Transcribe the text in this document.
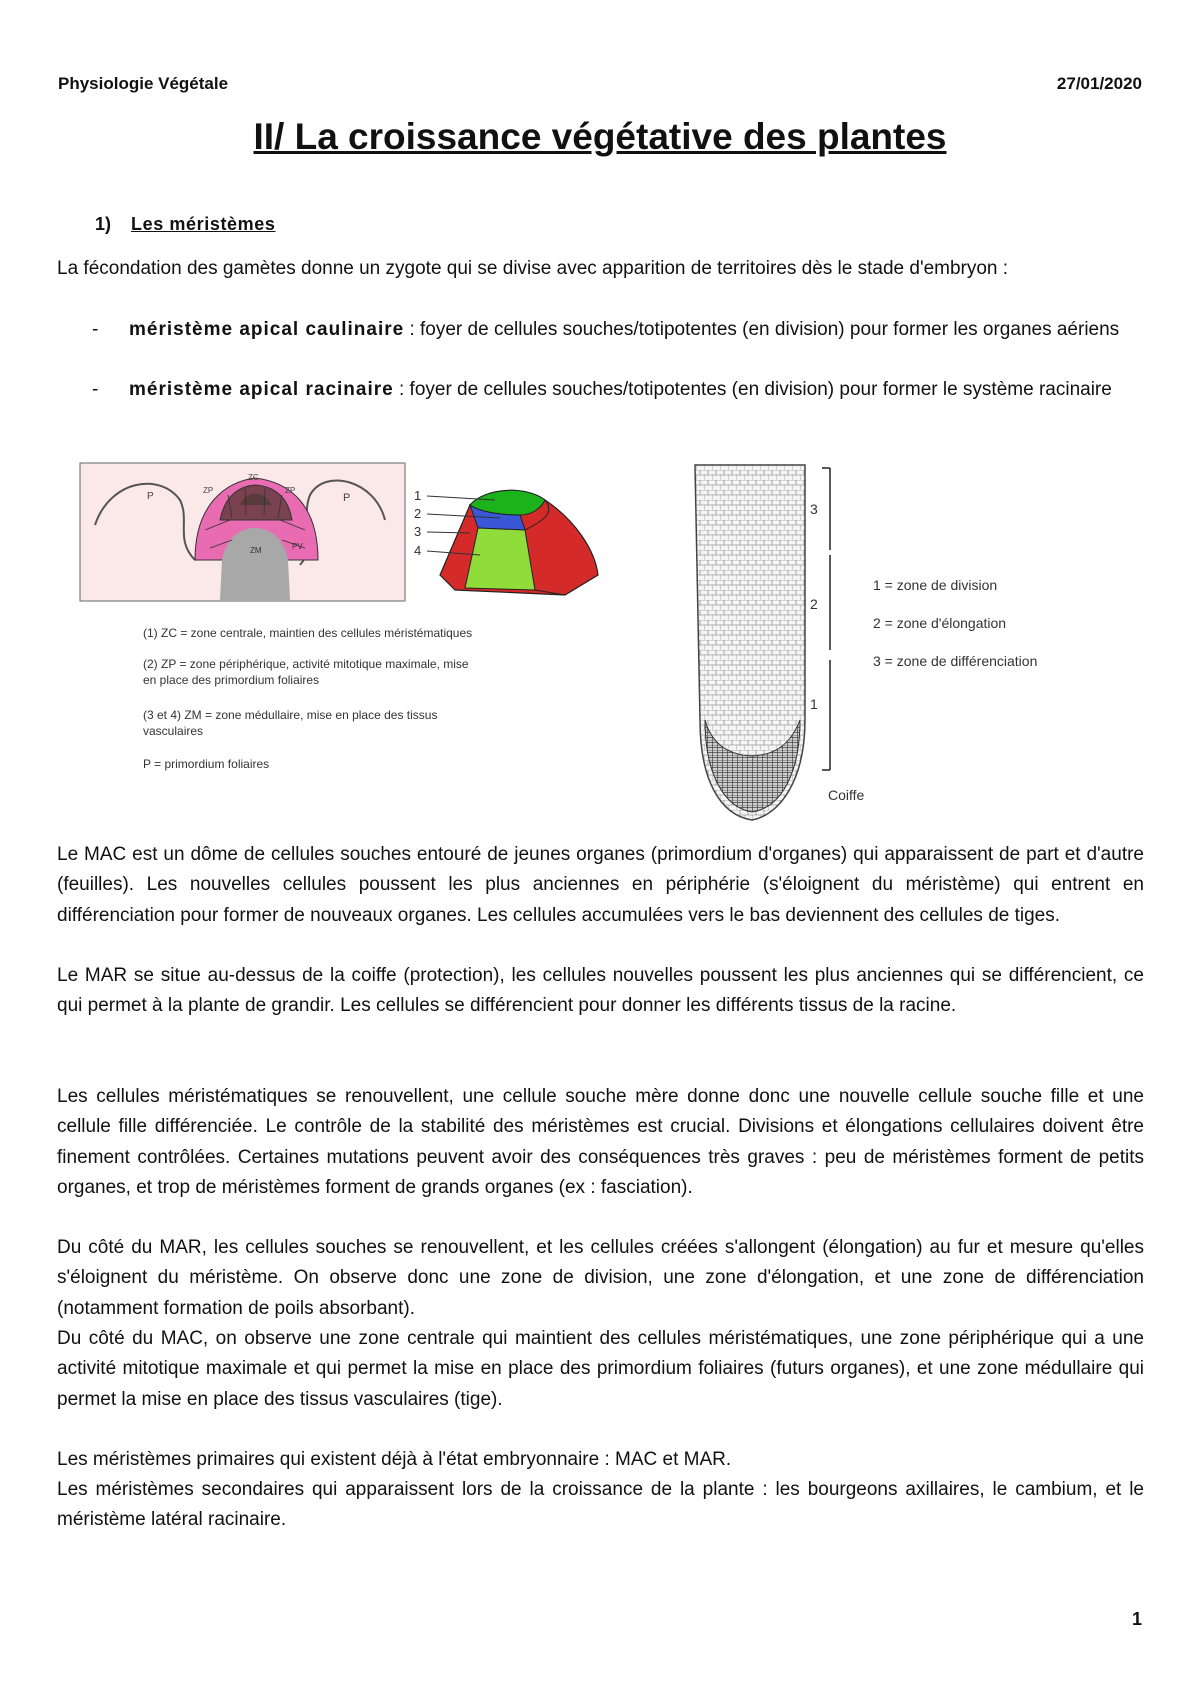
Physiologie Végétale	27/01/2020
II/ La croissance végétative des plantes
1) Les méristèmes

La fécondation des gamètes donne un zygote qui se divise avec apparition de territoires dès le stade d'embryon :

- méristème apical caulinaire : foyer de cellules souches/totipotentes (en division) pour former les organes aériens
- méristème apical racinaire : foyer de cellules souches/totipotentes (en division) pour former le système racinaire
P
ZP
ZC
ZP
P
ZM	PV
1
2
3
4
(1) ZC = zone centrale, maintien des cellules méristématiques
(2) ZP = zone périphérique, activité mitotique maximale, mise
en place des primordium foliaires
(3 et 4) ZM = zone médullaire, mise en place des tissus
vasculaires
P = primordium foliaires
3
2
1
Coiffe
1 = zone de division
2 = zone d'élongation
3 = zone de différenciation

Le MAC est un dôme de cellules souches entouré de jeunes organes (primordium d'organes) qui apparaissent de part et d'autre (feuilles). Les nouvelles cellules poussent les plus anciennes en périphérie (s'éloignent du méristème) qui entrent en différenciation pour former de nouveaux organes. Les cellules accumulées vers le bas deviennent des cellules de tiges.

Le MAR se situe au-dessus de la coiffe (protection), les cellules nouvelles poussent les plus anciennes qui se différencient, ce qui permet à la plante de grandir. Les cellules se différencient pour donner les différents tissus de la racine.

Les cellules méristématiques se renouvellent, une cellule souche mère donne donc une nouvelle cellule souche fille et une cellule fille différenciée. Le contrôle de la stabilité des méristèmes est crucial. Divisions et élongations cellulaires doivent être finement contrôlées. Certaines mutations peuvent avoir des conséquences très graves : peu de méristèmes forment de petits organes, et trop de méristèmes forment de grands organes (ex : fasciation).

Du côté du MAR, les cellules souches se renouvellent, et les cellules créées s'allongent (élongation) au fur et mesure qu'elles s'éloignent du méristème. On observe donc une zone de division, une zone d'élongation, et une zone de différenciation (notamment formation de poils absorbant).

Du côté du MAC, on observe une zone centrale qui maintient des cellules méristématiques, une zone périphérique qui a une activité mitotique maximale et qui permet la mise en place des primordium foliaires (futurs organes), et une zone médullaire qui permet la mise en place des tissus vasculaires (tige).

Les méristèmes primaires qui existent déjà à l'état embryonnaire : MAC et MAR.

Les méristèmes secondaires qui apparaissent lors de la croissance de la plante : les bourgeons axillaires, le cambium, et le méristème latéral racinaire.

1
